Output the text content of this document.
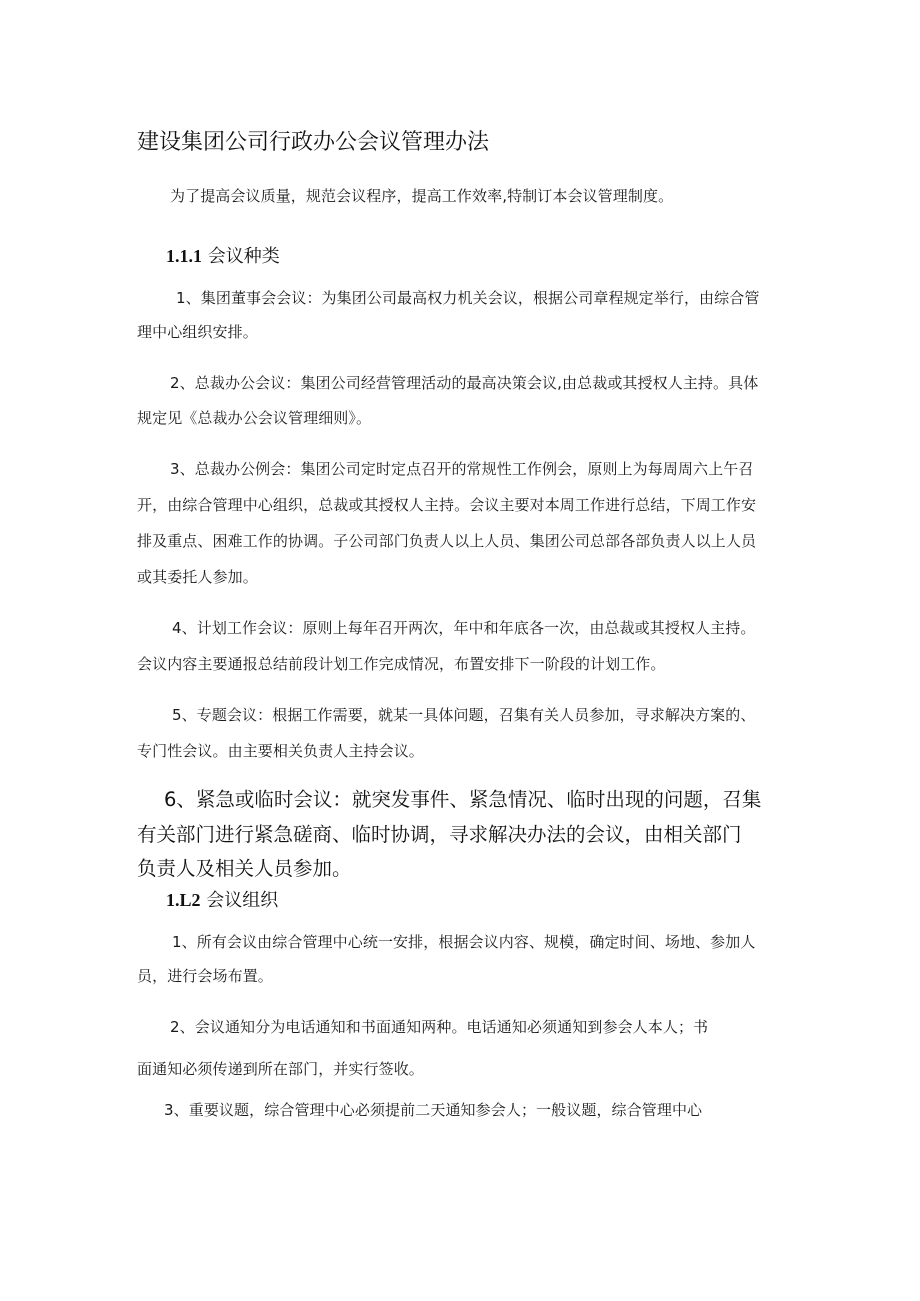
建设集团公司行政办公会议管理办法
为了提高会议质量，规范会议程序，提高工作效率,特制订本会议管理制度。
1.1.1 会议种类
1、集团董事会会议：为集团公司最高权力机关会议，根据公司章程规定举行，由综合管
理中心组织安排。
2、总裁办公会议：集团公司经营管理活动的最高决策会议,由总裁或其授权人主持。具体
规定见《总裁办公会议管理细则》。
3、总裁办公例会：集团公司定时定点召开的常规性工作例会，原则上为每周周六上午召
开，由综合管理中心组织，总裁或其授权人主持。会议主要对本周工作进行总结，下周工作安
排及重点、困难工作的协调。子公司部门负责人以上人员、集团公司总部各部负责人以上人员
或其委托人参加。
4、计划工作会议：原则上每年召开两次，年中和年底各一次，由总裁或其授权人主持。
会议内容主要通报总结前段计划工作完成情况，布置安排下一阶段的计划工作。
5、专题会议：根据工作需要，就某一具体问题，召集有关人员参加，寻求解决方案的、
专门性会议。由主要相关负责人主持会议。
6、紧急或临时会议：就突发事件、紧急情况、临时出现的问题，召集
有关部门进行紧急磋商、临时协调，寻求解决办法的会议，由相关部门
负责人及相关人员参加。
1.L2 会议组织
1、所有会议由综合管理中心统一安排，根据会议内容、规模，确定时间、场地、参加人
员，进行会场布置。
2、会议通知分为电话通知和书面通知两种。电话通知必须通知到参会人本人；书
面通知必须传递到所在部门，并实行签收。
3、重要议题，综合管理中心必须提前二天通知参会人；一般议题，综合管理中心
